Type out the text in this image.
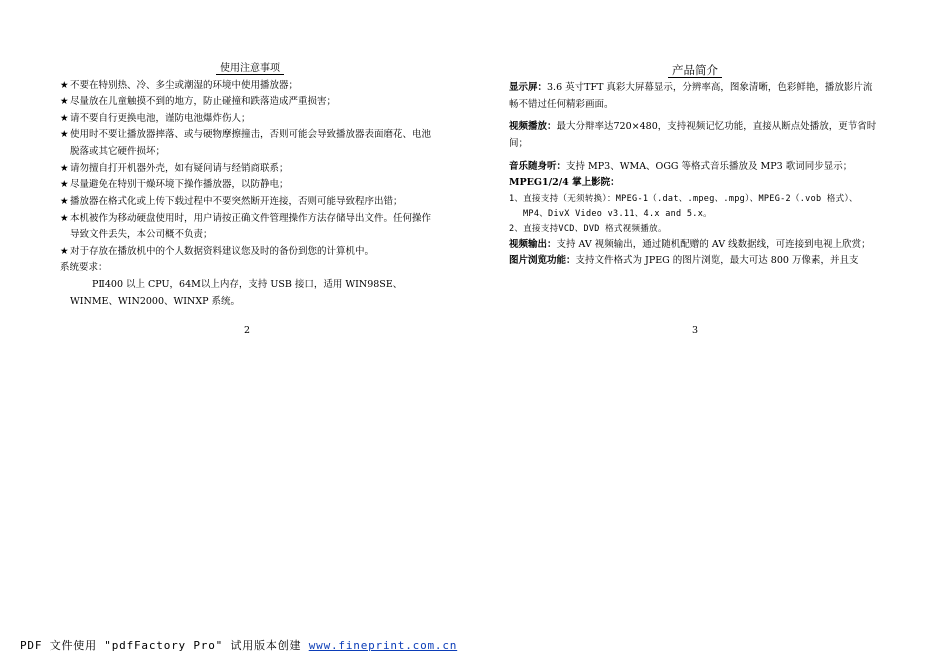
使用注意事项
★不要在特别热、冷、多尘或潮湿的环境中使用播放器；
★尽量放在儿童触摸不到的地方，防止碰撞和跌落造成严重损害；
★请不要自行更换电池，谨防电池爆炸伤人；
★使用时不要让播放器摔落、或与硬物摩擦撞击，否则可能会导致播放器表面磨花、电池脱落或其它硬件损坏；
★请勿擅自打开机器外壳，如有疑问请与经销商联系；
★尽量避免在特别干燥环境下操作播放器，以防静电；
★播放器在格式化或上传下载过程中不要突然断开连接，否则可能导致程序出错；
★本机被作为移动硬盘使用时，用户请按正确文件管理操作方法存储导出文件。任何操作导致文件丢失，本公司概不负责；
★对于存放在播放机中的个人数据资料建议您及时的备份到您的计算机中。
系统要求：
PⅡ400 以上 CPU，64M以上内存，支持 USB 接口，适用 WIN98SE、WINME、WIN2000、WINXP 系统。
2
产品简介
显示屏：3.6 英寸TFT 真彩大屏幕显示，分辨率高，图象清晰，色彩鲜艳，播放影片流畅不错过任何精彩画面。
视频播放：最大分辩率达720×480，支持视频记忆功能，直接从断点处播放，更节省时间；
音乐随身听：支持 MP3、WMA、OGG 等格式音乐播放及 MP3 歌词同步显示；
MPEG1/2/4 掌上影院：
1、直接支持（无须转换）：MPEG-1（.dat、.mpeg、.mpg）、MPEG-2（.vob 格式）、MP4、DivX Video v3.11、4.x and 5.x。
2、直接支持VCD、DVD 格式视频播放。
视频输出：支持 AV 视频输出，通过随机配赠的 AV 线数据线，可连接到电视上欣赏；
图片浏览功能：支持文件格式为 JPEG 的图片浏览，最大可达 800 万像素，并且支
3
PDF 文件使用 "pdfFactory Pro" 试用版本创建 www.fineprint.com.cn
